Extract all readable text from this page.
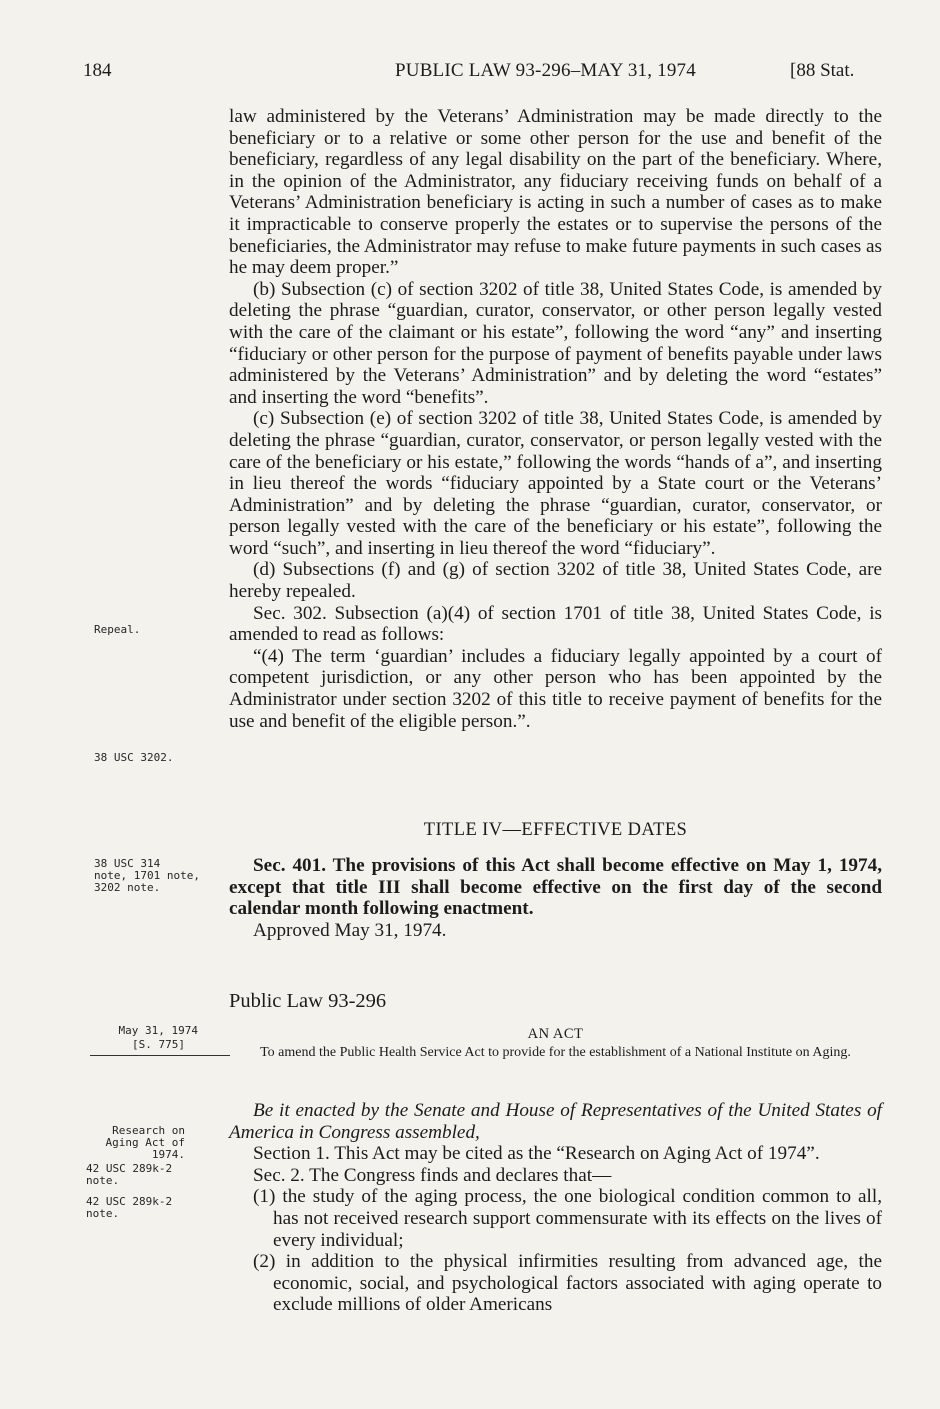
184	PUBLIC LAW 93-296–MAY 31, 1974	[88 Stat.

law administered by the Veterans’ Administration may be made directly to the beneficiary or to a relative or some other person for the use and benefit of the beneficiary, regardless of any legal disability on the part of the beneficiary. Where, in the opinion of the Administrator, any fiduciary receiving funds on behalf of a Veterans’ Administration beneficiary is acting in such a number of cases as to make it impracticable to conserve properly the estates or to supervise the persons of the beneficiaries, the Administrator may refuse to make future payments in such cases as he may deem proper.”

(b) Subsection (c) of section 3202 of title 38, United States Code, is amended by deleting the phrase “guardian, curator, conservator, or other person legally vested with the care of the claimant or his estate”, following the word “any” and inserting “fiduciary or other person for the purpose of payment of benefits payable under laws administered by the Veterans’ Administration” and by deleting the word “estates” and inserting the word “benefits”.

(c) Subsection (e) of section 3202 of title 38, United States Code, is amended by deleting the phrase “guardian, curator, conservator, or person legally vested with the care of the beneficiary or his estate,” following the words “hands of a”, and inserting in lieu thereof the words “fiduciary appointed by a State court or the Veterans’ Administration” and by deleting the phrase “guardian, curator, conservator, or person legally vested with the care of the beneficiary or his estate”, following the word “such”, and inserting in lieu thereof the word “fiduciary”.

(d) Subsections (f) and (g) of section 3202 of title 38, United States Code, are hereby repealed.

Sec. 302. Subsection (a)(4) of section 1701 of title 38, United States Code, is amended to read as follows:

“(4) The term ‘guardian’ includes a fiduciary legally appointed by a court of competent jurisdiction, or any other person who has been appointed by the Administrator under section 3202 of this title to receive payment of benefits for the use and benefit of the eligible person.”.

TITLE IV—EFFECTIVE DATES

Sec. 401. The provisions of this Act shall become effective on May 1, 1974, except that title III shall become effective on the first day of the second calendar month following enactment.

Approved May 31, 1974.

Public Law 93-296
AN ACT
To amend the Public Health Service Act to provide for the establishment of a National Institute on Aging.

Be it enacted by the Senate and House of Representatives of the United States of America in Congress assembled,

Section 1. This Act may be cited as the “Research on Aging Act of 1974”.

Sec. 2. The Congress finds and declares that—

(1) the study of the aging process, the one biological condition common to all, has not received research support commensurate with its effects on the lives of every individual;

(2) in addition to the physical infirmities resulting from advanced age, the economic, social, and psychological factors associated with aging operate to exclude millions of older Americans

Repeal.
38 USC 3202.
38 USC 314
note, 1701 note,
3202 note.
May 31, 1974
[S. 775]
Research on
Aging Act of
1974.
42 USC 289k-2
note.
42 USC 289k-2
note.
